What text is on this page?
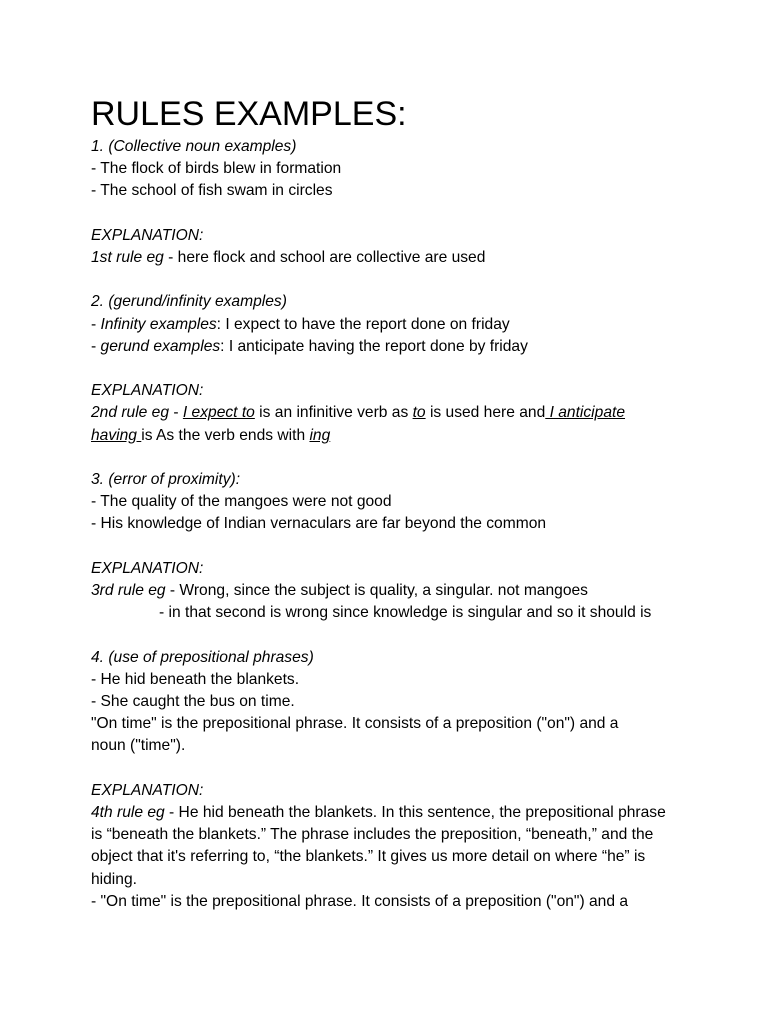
RULES EXAMPLES:
1. (Collective noun examples)
- The flock of birds blew in formation
- The school of fish swam in circles
EXPLANATION:
1st rule eg - here flock and school are collective are used
2. (gerund/infinity examples)
- Infinity examples: I expect to have the report done on friday
- gerund examples: I anticipate having the report done by friday
EXPLANATION:
2nd rule eg - I expect to is an infinitive verb as to is used here and I anticipate
having is As the verb ends with ing
3. (error of proximity):
- The quality of the mangoes were not good
- His knowledge of Indian vernaculars are far beyond the common
EXPLANATION:
3rd rule eg - Wrong, since the subject is quality, a singular. not mangoes
- in that second is wrong since knowledge is singular and so it should is
4. (use of prepositional phrases)
- He hid beneath the blankets.
- She caught the bus on time.
"On time" is the prepositional phrase. It consists of a preposition ("on") and a noun ("time").
EXPLANATION:
4th rule eg - He hid beneath the blankets. In this sentence, the prepositional phrase is “beneath the blankets.” The phrase includes the preposition, “beneath,” and the object that it's referring to, “the blankets.” It gives us more detail on where “he” is hiding.
- "On time" is the prepositional phrase. It consists of a preposition ("on") and a
